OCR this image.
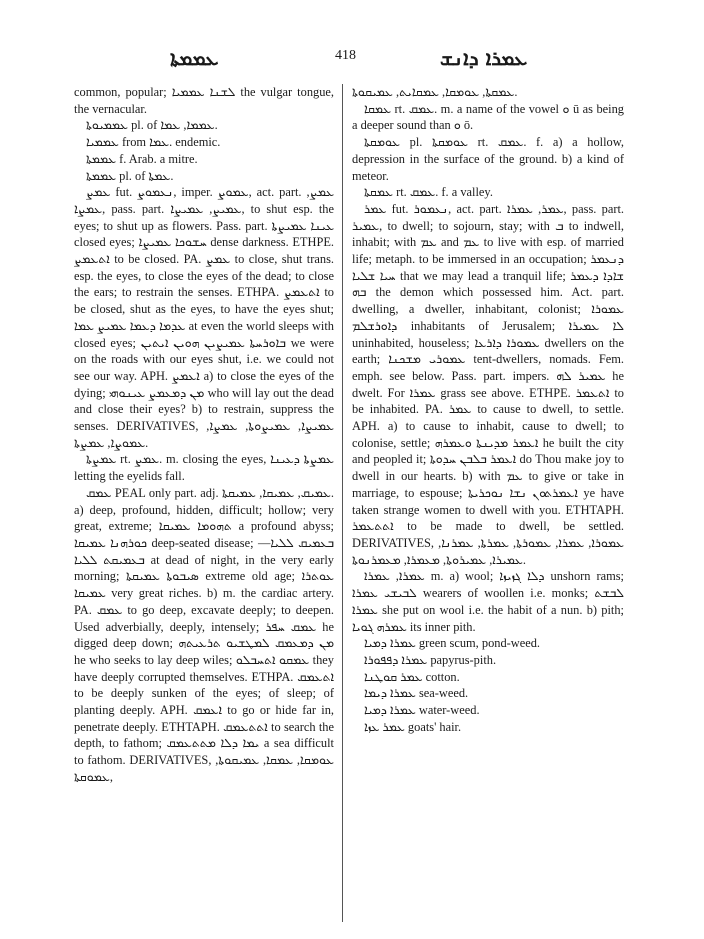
ܥܡܡܬܐ	418	ܥܡܪܐ ܕܐܢܫ

common, popular; ܠܫܢܐ ܥܡܡܝܐ the vulgar tongue, the vernacular.

ܥܡܡܝܘܬܐ pl. of ܥܡܡܐ, ܥܡܐ.

ܥܡܡܝܐ from ܥܡܐ. endemic.

ܥܡܡܬܐ f. Arab. a mitre.

ܥܡܡܬܐ pl. of ܥܡܬܐ.

ܥܡܨ fut. ܢܥܡܘܨ, imper. ܥܡܘܨ, act. part. ܥܡܨ, ܥܡܨܐ, pass. part. ܥܡܝܨ, ܥܡܝܨܐ, to shut esp. the eyes; to shut up as flowers. Pass. part. ܥܝܢܐ ܥܡܝܨܬܐ closed eyes; ܚܫܘܟܐ ܥܡܝܨܐ dense darkness. ETHPE. ܐܬܥܡܨ to be closed. PA. ܥܡܨ to close, shut trans. esp. the eyes, to close the eyes of the dead; to close the ears; to restrain the senses. ETHPA. ܐܬܥܡܨ to be closed, shut as the eyes, to have the eyes shut; ܥܕܡܐ ܕܥܡܐ ܥܡܝܨ ܥܡܐ at even the world sleeps with closed eyes; ܒܐܘܪܚܬܐ ܥܡܝܨܝܢ ܗܘܝܢ ܐܝܬܝܢ we were on the roads with our eyes shut, i.e. we could not see our way. APH. ܐܥܡܨ a) to close the eyes of the dying; ܡܢ ܕܡܥܡܨ ܥܝܢܘܗܝ who will lay out the dead and close their eyes? b) to restrain, suppress the senses. DERIVATIVES, ܥܡܝܨܐ, ܥܡܝܨܘܬܐ, ܥܡܨܐ, ܥܡܘܨܐ, ܥܡܨܬܐ.

ܥܡܨܬܐ rt. ܥܡܨ. m. closing the eyes, ܥܡܨܬܐ ܕܥܝܢܐ letting the eyelids fall.

ܥܡܩ PEAL only part. adj. ܥܡܝܩ, ܥܡܝܩܐ, ܥܡܝܩܬܐ. a) deep, profound, hidden, difficult; hollow; very great, extreme; ܬܗܘܡܐ ܥܡܝܩܐ a profound abyss; ܟܘܪܗܢܐ ܥܡܝܩܐ deep-seated disease; ܒܥܡܝܩ ܠܠܝܐ—ܒܥܡܝܩܬ ܠܠܝܐ at dead of night, in the very early morning; ܣܝܒܘܬܐ ܥܡܝܩܬܐ extreme old age; ܥܘܬܪܐ ܥܡܝܩܐ very great riches. b) m. the cardiac artery. PA. ܥܡܩ to go deep, excavate deeply; to deepen. Used adverbially, deeply, intensely; ܥܡܩ ܚܦܪ he digged deep down; ܡܢ ܕܡܥܡܩ ܠܡܛܫܝܘ ܬܪܥܝܬܗ he who seeks to lay deep wiles; ܥܡܩܘ ܐܬܚܒܠܘ they have deeply corrupted themselves. ETHPA. ܐܬܥܡܩ to be deeply sunken of the eyes; of sleep; of planting deeply. APH. ܐܥܡܩ to go or hide far in, penetrate deeply. ETHTAPH. ܐܬܬܥܡܩ to search the depth, to fathom; ܝܡܐ ܕܠܐ ܡܬܬܥܡܩ a sea difficult to fathom. DERIVATIVES, ܥܘܡܩܐ, ܥܡܩܐ, ܥܡܝܩܘܬܐ, ܥܡܘܩܬܐ,

ܥܡܩܬܐ, ܥܘܡܩܐ, ܥܡܩܐܝܬ, ܥܡܝܩܘܬܐ.

ܥܡܩܐ rt. ܥܡܩ. m. a name of the vowel ܘ ū as being a deeper sound than ܘ ō.

ܥܘܡܩܬܐ pl. ܥܘܡܩܬܐ rt. ܥܡܩ. f. a) a hollow, depression in the surface of the ground. b) a kind of meteor.

ܥܡܩܬܐ rt. ܥܡܩ. f. a valley.

ܥܡܪ fut. ܢܥܡܘܪ, act. part. ܥܡܪ, ܥܡܪܐ, pass. part. ܥܡܝܪ, to dwell; to sojourn, stay; with ܒ to indwell, inhabit; with ܥܡ and ܥܡ to live with esp. of married life; metaph. to be immersed in an occupation; ܕܢܥܡܪ ܚܝܐ ܫܠܝܐ that we may lead a tranquil life; ܫܐܕܐ ܕܥܡܪ ܒܗ the demon which possessed him. Act. part. dwelling, a dweller, inhabitant, colonist; ܥܡܘܪܐ ܕܐܘܪܫܠܡ inhabitants of Jerusalem; ܠܐ ܥܡܝܪܐ uninhabited, houseless; ܥܡܘܪܐ ܕܐܪܥܐ dwellers on the earth; ܥܡܘܪܝ ܡܫܟܢܐ tent-dwellers, nomads. Fem. emph. see below. Pass. part. impers. ܥܡܝܪ ܠܗ he dwelt. For ܥܡܪܐ grass see above. ETHPE. ܐܬܥܡܪ to be inhabited. PA. ܥܡܪ to cause to dwell, to settle. APH. a) to cause to inhabit, cause to dwell; to colonise, settle; ܐܥܡܪ ܡܕܝܢܬܐ ܘܥܡܪܗ he built the city and peopled it; ܐܥܡܪ ܒܠܒܢ ܚܕܘܬܐ do Thou make joy to dwell in our hearts. b) with ܥܡ to give or take in marriage, to espouse; ܐܥܡܪܬܘܢ ܢܫܐ ܢܘܟܪܝܬܐ ye have taken strange women to dwell with you. ETHTAPH. ܐܬܬܥܡܪ to be made to dwell, be settled. DERIVATIVES, ܥܡܘܪܐ, ܥܡܪܐ, ܥܡܘܪܬܐ, ܥܡܪܬܐ, ܥܡܪܢܐ, ܥܡܝܪܐ, ܥܡܝܪܘܬܐ, ܡܥܡܪܐ, ܡܥܡܪܢܘܬܐ.

ܥܡܪܐ, ܥܡܪܐ m. a) wool; ܕܠܐ ܓܙܝܙܐ unshorn rams; ܠܒܝܫܝ ܥܡܪܐ wearers of woollen i.e. monks; ܠܒܫܬ ܥܡܪܐ she put on wool i.e. the habit of a nun. b) pith; ܥܡܪܗ ܓܘܝܐ its inner pith.

ܥܡܪܐ ܕܡܝܐ green scum, pond-weed.

ܥܡܪܐ ܕܦܦܘܪܐ papyrus-pith.

ܥܡܪ ܩܘܛܢܐ cotton.

ܥܡܪܐ ܕܝܡܐ sea-weed.

ܥܡܪܐ ܕܡܝܐ water-weed.

ܥܡܪ ܥܙܐ goats' hair.
